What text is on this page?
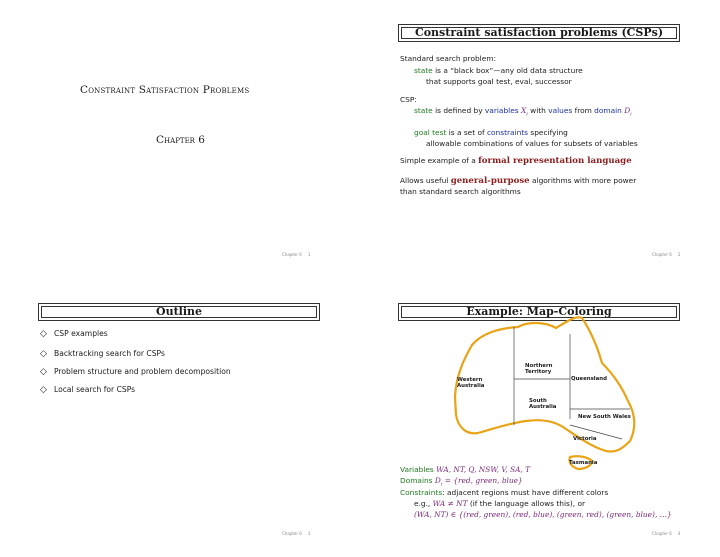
Constraint Satisfaction Problems
Chapter 6
Chapter 6 1
Constraint satisfaction problems (CSPs)
Standard search problem:
state is a “black box”—any old data structure
that supports goal test, eval, successor
CSP:
state is defined by variables $X_i$ with values from domain $D_i$
goal test is a set of constraints specifying
allowable combinations of values for subsets of variables
Simple example of a formal representation language
Allows useful general-purpose algorithms with more power
than standard search algorithms
Chapter 6 2
Outline
◇ CSP examples
◇ Backtracking search for CSPs
◇ Problem structure and problem decomposition
◇ Local search for CSPs
Chapter 6 3
Example: Map-Coloring
Northern
Territory
Queensland
Western
Australia
South
Australia
New South Wales
Victoria
Tasmania
Variables WA, NT, Q, NSW, V, SA, T
Domains $D_i = \{red$, green, blue}
Constraints: adjacent regions must have different colors
e.g., WA ≠ NT (if the language allows this), or
(WA, NT) ∈ {(red, green), (red, blue), (green, red), (green, blue), …}
Chapter 6 4
